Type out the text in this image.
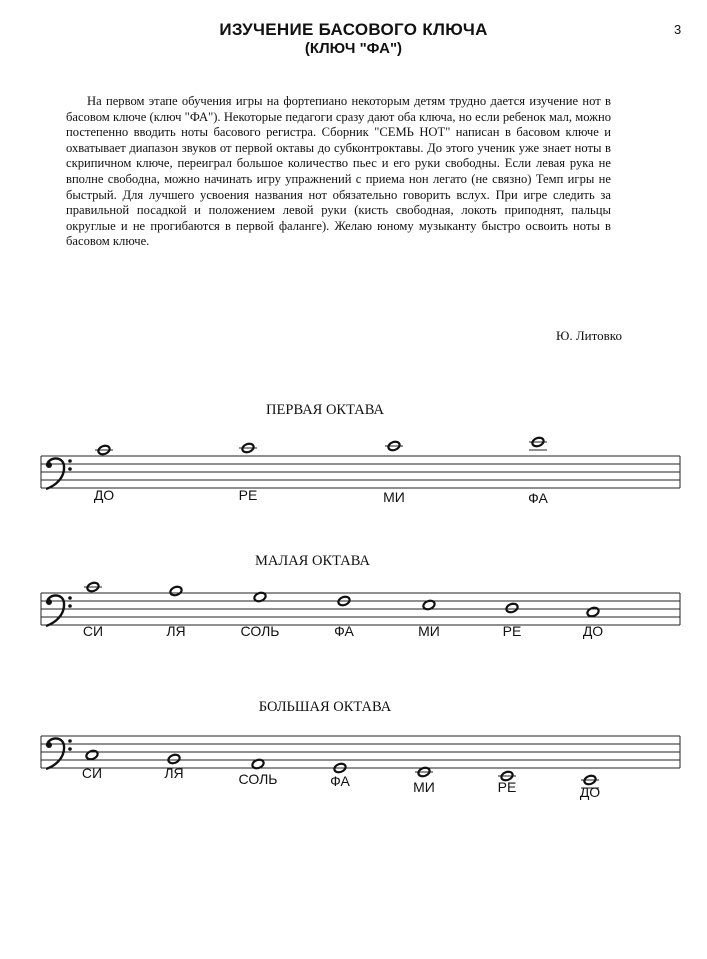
ИЗУЧЕНИЕ БАСОВОГО КЛЮЧА
(КЛЮЧ "ФА")
3

На первом этапе обучения игры на фортепиано некоторым детям трудно дается изучение нот в басовом ключе (ключ "ФА"). Некоторые педагоги сразу дают оба ключа, но если ребенок мал, можно постепенно вводить ноты басового регистра. Сборник "СЕМЬ НОТ" написан в басовом ключе и охватывает диапазон звуков от первой октавы до субконтроктавы. До этого ученик уже знает ноты в скрипичном ключе, переиграл большое количество пьес и его руки свободны. Если левая рука не вполне свободна, можно начинать игру упражнений с приема нон легато (не связно) Темп игры не быстрый. Для лучшего усвоения названия нот обязательно говорить вслух. При игре следить за правильной посадкой и положением левой руки (кисть свободная, локоть приподнят, пальцы округлые и не прогибаются в первой фаланге). Желаю юному музыканту быстро освоить ноты в басовом ключе.

Ю. Литовко
ПЕРВАЯ ОКТАВА
МАЛАЯ ОКТАВА
БОЛЬШАЯ ОКТАВА
ДО	РЕ	МИ	ФА
СИ	ЛЯ	СОЛЬ	ФА	МИ	РЕ	ДО
СИ	ЛЯ	СОЛЬ	ФА	МИ	РЕ	ДО
